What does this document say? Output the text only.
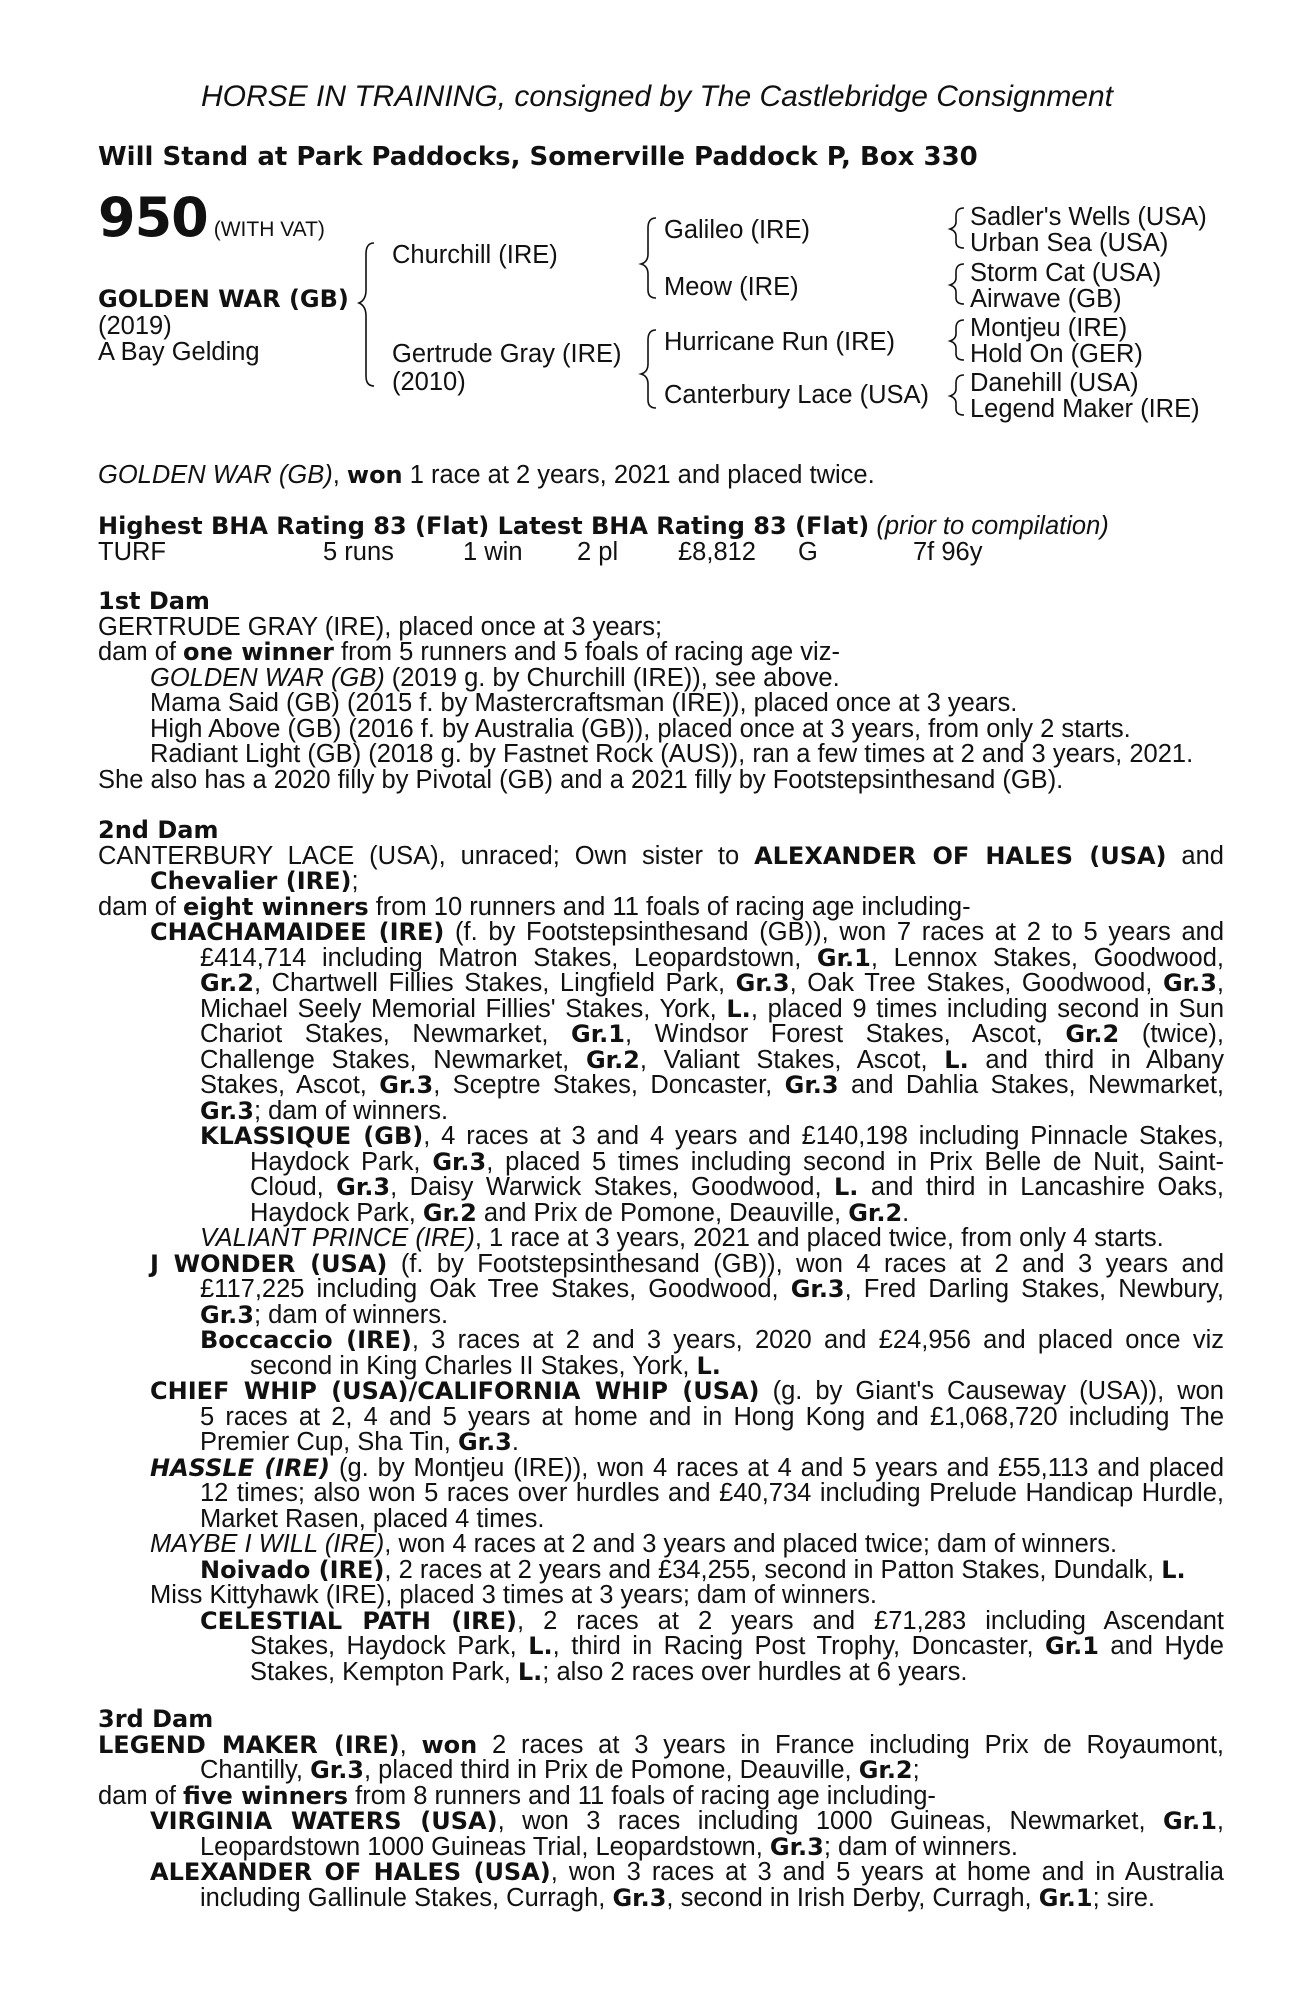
HORSE IN TRAINING, consigned by The Castlebridge Consignment
Will Stand at Park Paddocks, Somerville Paddock P, Box 330
950 (WITH VAT)
GOLDEN WAR (GB)
(2019)
A Bay Gelding
Churchill (IRE)
Gertrude Gray (IRE)
(2010)
Galileo (IRE)
Meow (IRE)
Hurricane Run (IRE)
Canterbury Lace (USA)
Sadler's Wells (USA)
Urban Sea (USA)
Storm Cat (USA)
Airwave (GB)
Montjeu (IRE)
Hold On (GER)
Danehill (USA)
Legend Maker (IRE)
GOLDEN WAR (GB), won 1 race at 2 years, 2021 and placed twice.
Highest BHA Rating 83 (Flat) Latest BHA Rating 83 (Flat) (prior to compilation)
TURF	5 runs	1 win 2 pl £8,812 G	7f 96y
1st Dam
GERTRUDE GRAY (IRE), placed once at 3 years;
dam of one winner from 5 runners and 5 foals of racing age viz-
GOLDEN WAR (GB) (2019 g. by Churchill (IRE)), see above.
Mama Said (GB) (2015 f. by Mastercraftsman (IRE)), placed once at 3 years.
High Above (GB) (2016 f. by Australia (GB)), placed once at 3 years, from only 2 starts.
Radiant Light (GB) (2018 g. by Fastnet Rock (AUS)), ran a few times at 2 and 3 years, 2021.
She also has a 2020 filly by Pivotal (GB) and a 2021 filly by Footstepsinthesand (GB).
2nd Dam
CANTERBURY LACE (USA), unraced; Own sister to ALEXANDER OF HALES (USA) and
Chevalier (IRE);
dam of eight winners from 10 runners and 11 foals of racing age including-
CHACHAMAIDEE (IRE) (f. by Footstepsinthesand (GB)), won 7 races at 2 to 5 years and
£414,714 including Matron Stakes, Leopardstown, Gr.1, Lennox Stakes, Goodwood,
Gr.2, Chartwell Fillies Stakes, Lingfield Park, Gr.3, Oak Tree Stakes, Goodwood, Gr.3,
Michael Seely Memorial Fillies' Stakes, York, L., placed 9 times including second in Sun
Chariot Stakes, Newmarket, Gr.1, Windsor Forest Stakes, Ascot, Gr.2 (twice),
Challenge Stakes, Newmarket, Gr.2, Valiant Stakes, Ascot, L. and third in Albany
Stakes, Ascot, Gr.3, Sceptre Stakes, Doncaster, Gr.3 and Dahlia Stakes, Newmarket,
Gr.3; dam of winners.
KLASSIQUE (GB), 4 races at 3 and 4 years and £140,198 including Pinnacle Stakes,
Haydock Park, Gr.3, placed 5 times including second in Prix Belle de Nuit, Saint-
Cloud, Gr.3, Daisy Warwick Stakes, Goodwood, L. and third in Lancashire Oaks,
Haydock Park, Gr.2 and Prix de Pomone, Deauville, Gr.2.
VALIANT PRINCE (IRE), 1 race at 3 years, 2021 and placed twice, from only 4 starts.
J WONDER (USA) (f. by Footstepsinthesand (GB)), won 4 races at 2 and 3 years and
£117,225 including Oak Tree Stakes, Goodwood, Gr.3, Fred Darling Stakes, Newbury,
Gr.3; dam of winners.
Boccaccio (IRE), 3 races at 2 and 3 years, 2020 and £24,956 and placed once viz
second in King Charles II Stakes, York, L.
CHIEF WHIP (USA)/CALIFORNIA WHIP (USA) (g. by Giant's Causeway (USA)), won
5 races at 2, 4 and 5 years at home and in Hong Kong and £1,068,720 including The
Premier Cup, Sha Tin, Gr.3.
HASSLE (IRE) (g. by Montjeu (IRE)), won 4 races at 4 and 5 years and £55,113 and placed
12 times; also won 5 races over hurdles and £40,734 including Prelude Handicap Hurdle,
Market Rasen, placed 4 times.
MAYBE I WILL (IRE), won 4 races at 2 and 3 years and placed twice; dam of winners.
Noivado (IRE), 2 races at 2 years and £34,255, second in Patton Stakes, Dundalk, L.
Miss Kittyhawk (IRE), placed 3 times at 3 years; dam of winners.
CELESTIAL PATH (IRE), 2 races at 2 years and £71,283 including Ascendant
Stakes, Haydock Park, L., third in Racing Post Trophy, Doncaster, Gr.1 and Hyde
Stakes, Kempton Park, L.; also 2 races over hurdles at 6 years.
3rd Dam
LEGEND MAKER (IRE), won 2 races at 3 years in France including Prix de Royaumont,
Chantilly, Gr.3, placed third in Prix de Pomone, Deauville, Gr.2;
dam of five winners from 8 runners and 11 foals of racing age including-
VIRGINIA WATERS (USA), won 3 races including 1000 Guineas, Newmarket, Gr.1,
Leopardstown 1000 Guineas Trial, Leopardstown, Gr.3; dam of winners.
ALEXANDER OF HALES (USA), won 3 races at 3 and 5 years at home and in Australia
including Gallinule Stakes, Curragh, Gr.3, second in Irish Derby, Curragh, Gr.1; sire.
